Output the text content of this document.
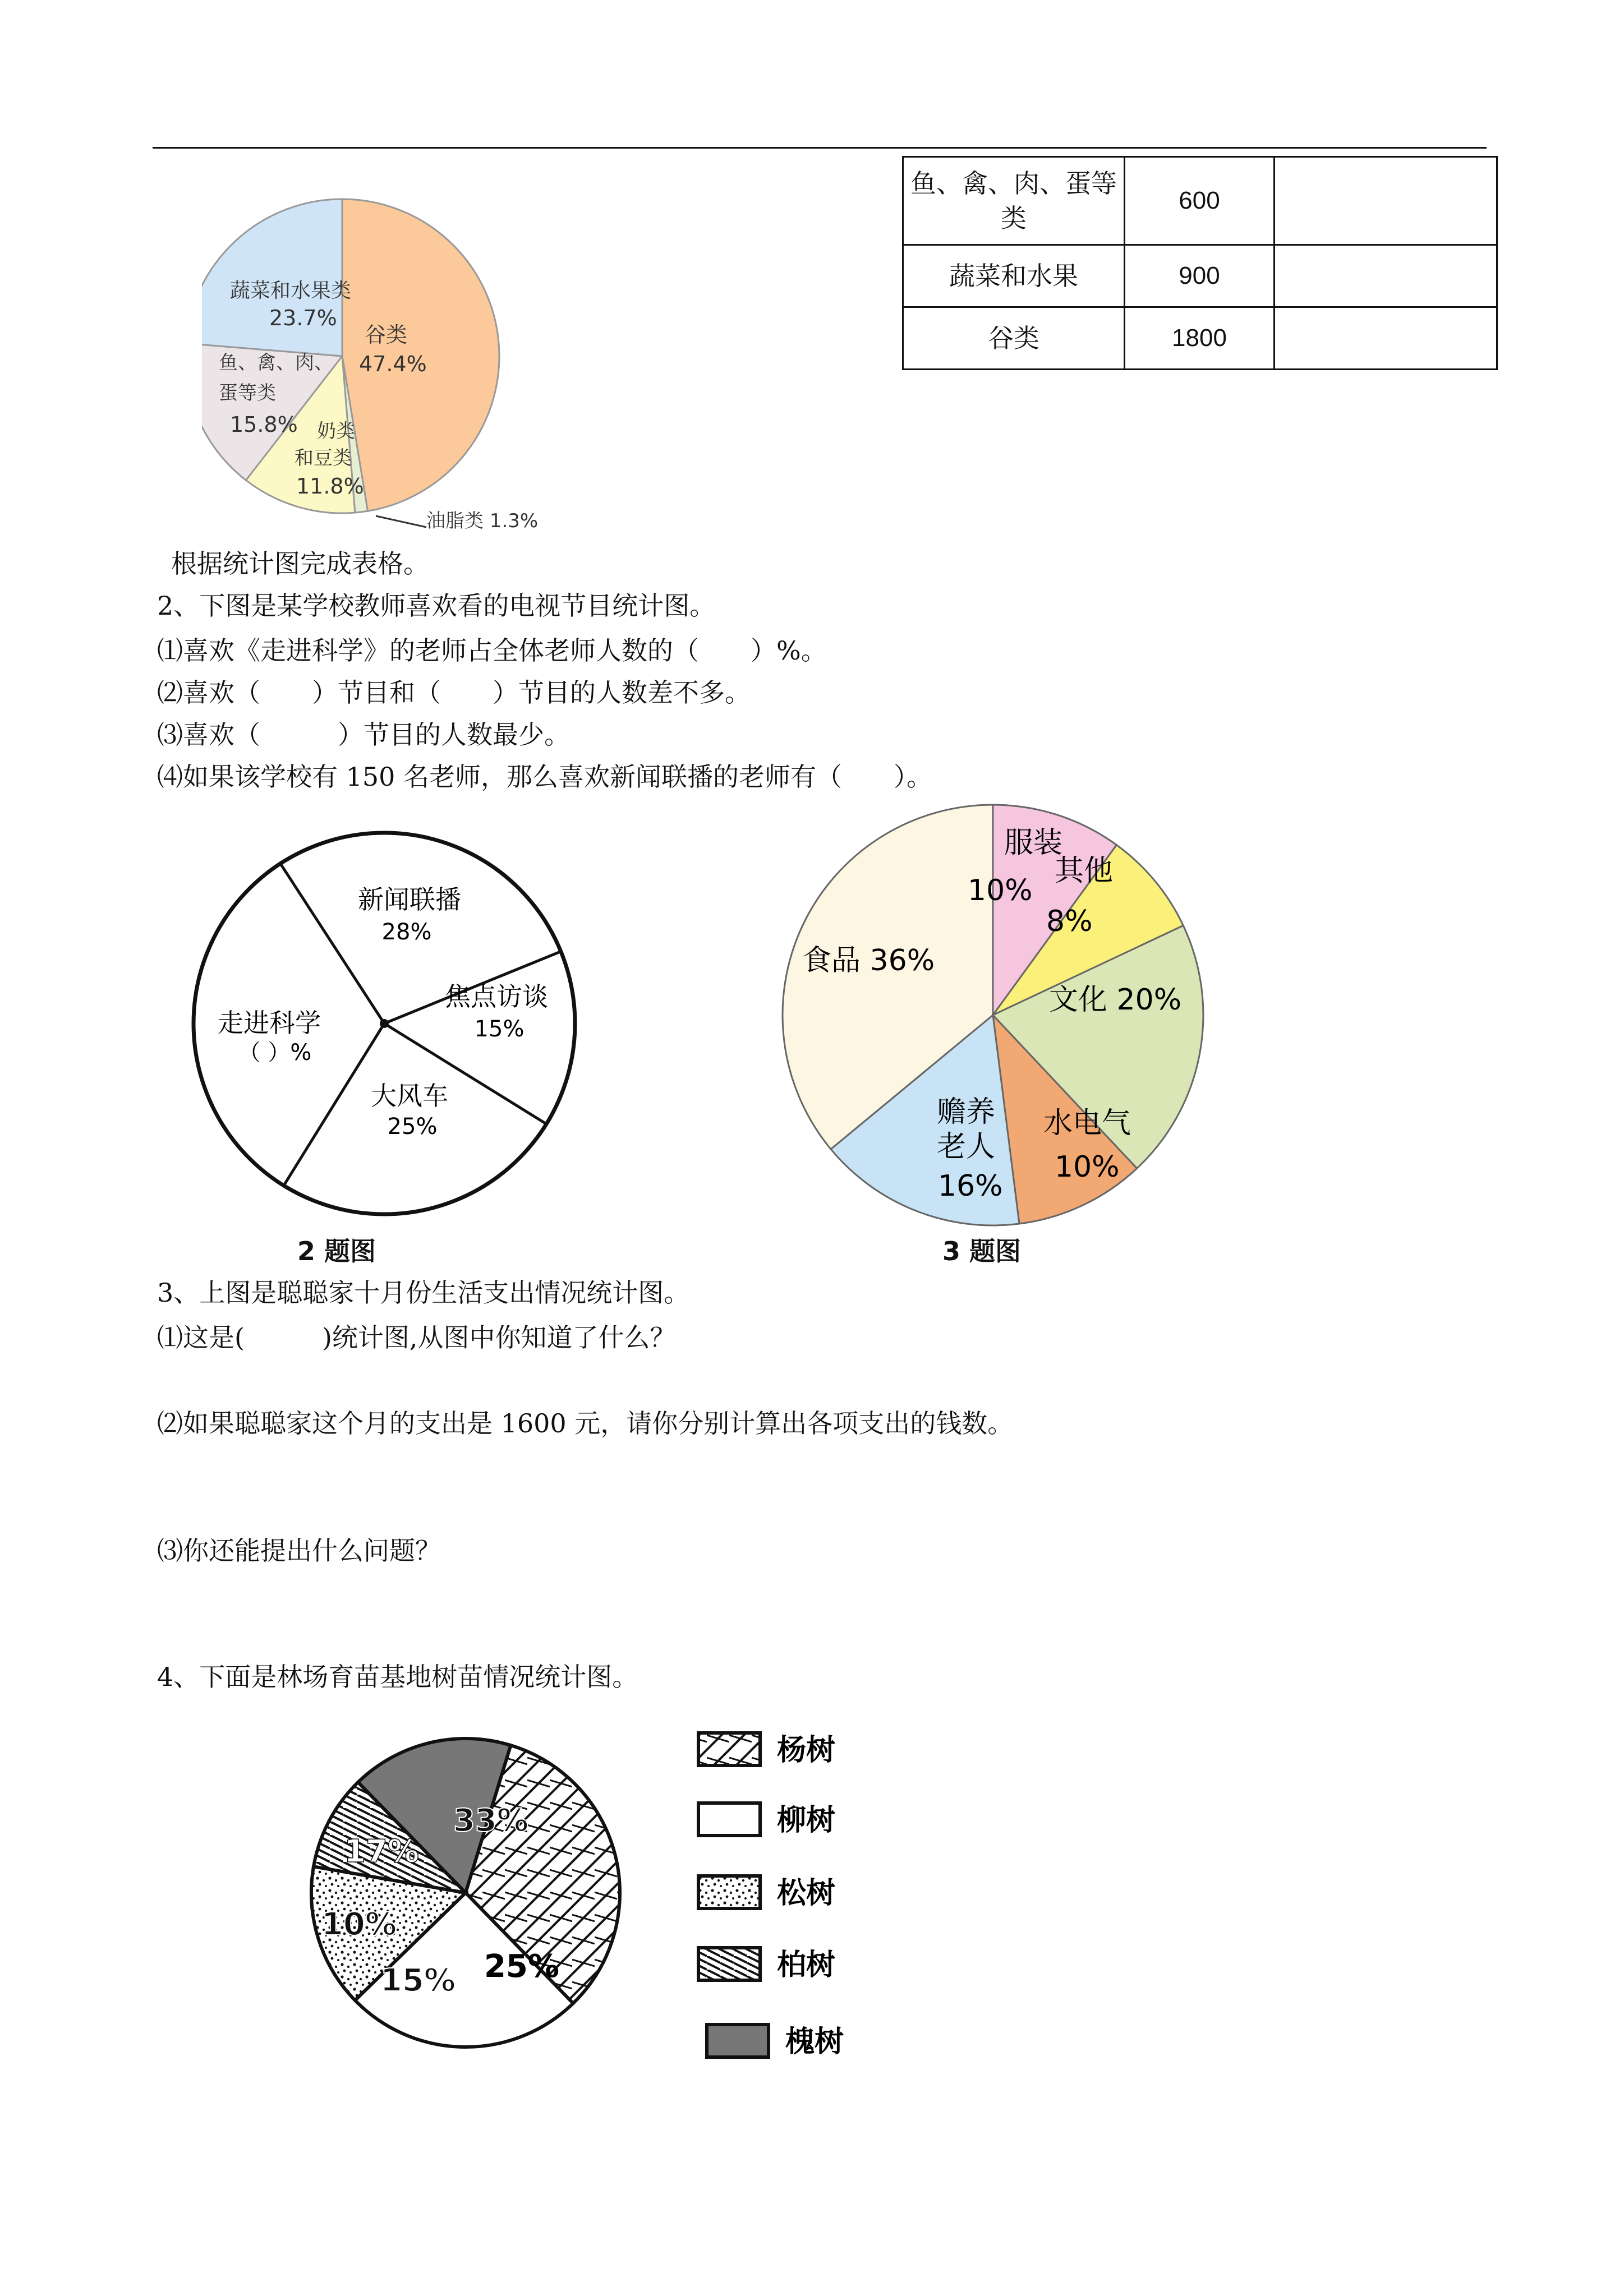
谷类
47.4%
蔬菜和水果类
23.7%
鱼、禽、肉、
蛋等类
15.8% 奶类
和豆类
11.8%
油脂类 1.3%
鱼、禽、肉、蛋等类	600	
蔬菜和水果	900	
谷类	1800	
根据统计图完成表格。
2、下图是某学校教师喜欢看的电视节目统计图。
⑴喜欢《走进科学》的老师占全体老师人数的（　　）%。
⑵喜欢（　　）节目和（　　）节目的人数差不多。
⑶喜欢（　　　）节目的人数最少。
⑷如果该学校有 150 名老师，那么喜欢新闻联播的老师有（　　）。
新闻联播
28%
焦点访谈
15%
大风车
25%
走进科学
（ ）%
服装
10%
其他
8%
文化 20%
水电气
10%
赡养
老人
16%
食品 36%
2 题图	3 题图
3、上图是聪聪家十月份生活支出情况统计图。
⑴这是(　　　)统计图,从图中你知道了什么？
⑵如果聪聪家这个月的支出是 1600 元，请你分别计算出各项支出的钱数。
⑶你还能提出什么问题？
4、下面是林场育苗基地树苗情况统计图。
33%
25%
15%
10%
17%
杨树
柳树
松树
柏树
槐树
